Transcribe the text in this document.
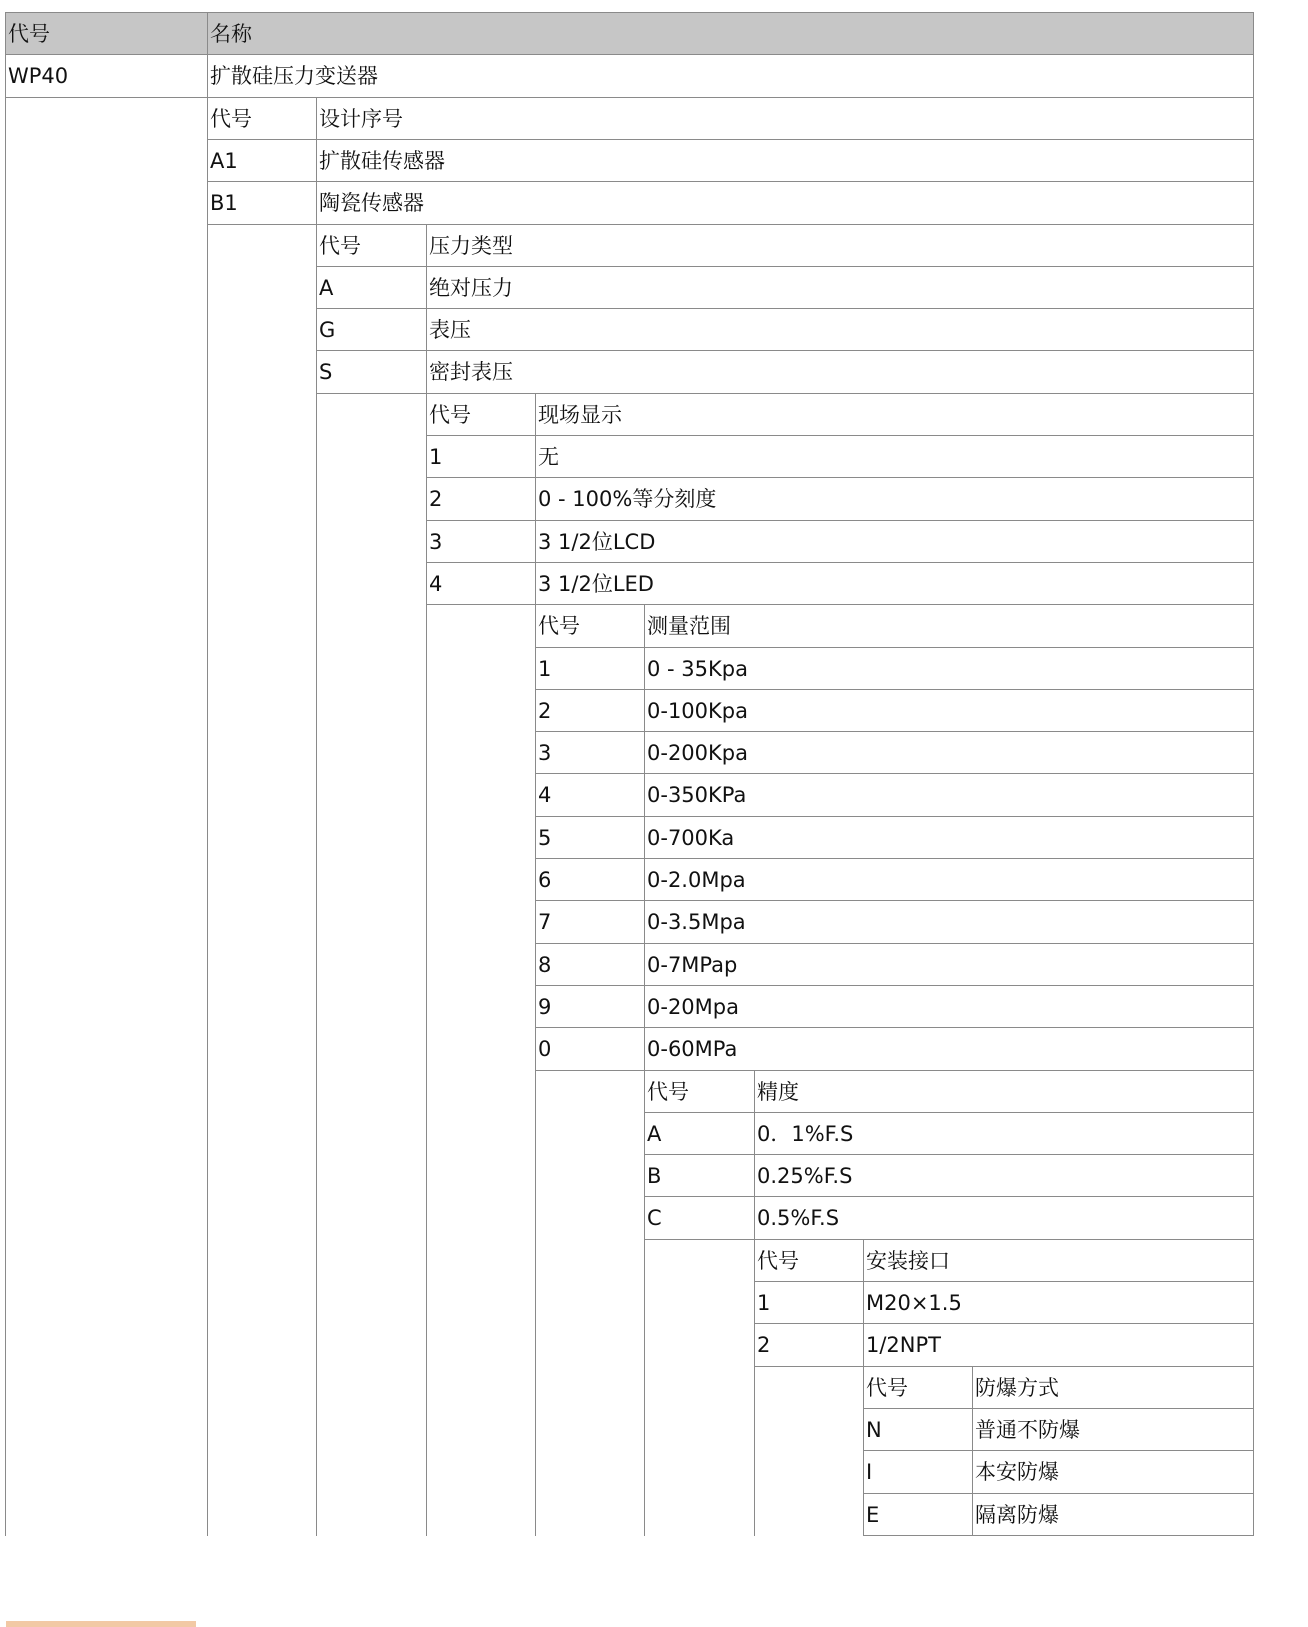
代号	名称
WP40	扩散硅压力变送器
代号	设计序号
A1	扩散硅传感器
B1	陶瓷传感器
代号	压力类型
A	绝对压力
G	表压
S	密封表压
代号	现场显示
1	无
2	0 - 100%等分刻度
3	3 1/2位LCD
4	3 1/2位LED
代号	测量范围
1	0 - 35Kpa
2	0-100Kpa
3	0-200Kpa
4	0-350KPa
5	0-700Ka
6	0-2.0Mpa
7	0-3.5Mpa
8	0-7MPap
9	0-20Mpa
0	0-60MPa
代号	精度
A	0．1%F.S
B	0.25%F.S
C	0.5%F.S
代号	安装接口
1	M20×1.5
2	1/2NPT
代号	防爆方式
N	普通不防爆
I	本安防爆
E	隔离防爆
